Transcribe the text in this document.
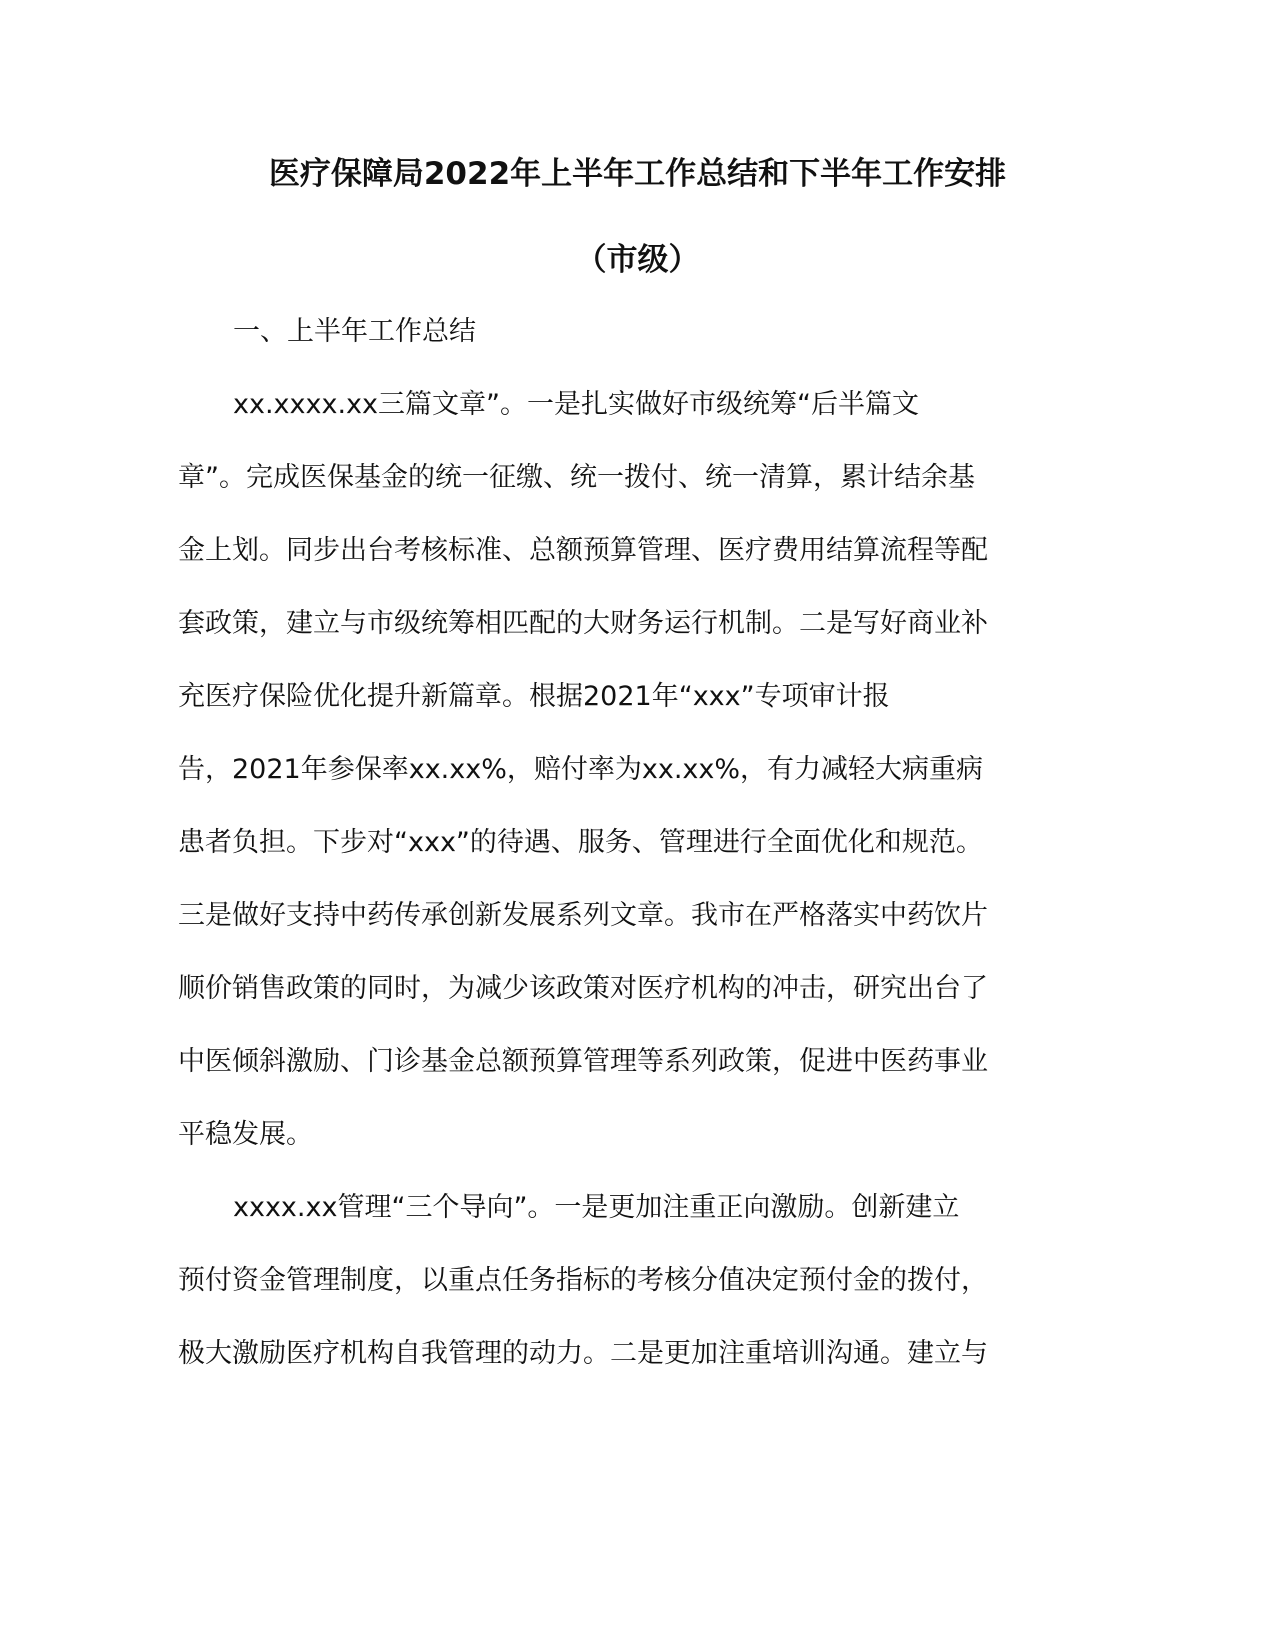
医疗保障局2022年上半年工作总结和下半年工作安排
（市级）
一、上半年工作总结
xx.xxxx.xx三篇文章”。一是扎实做好市级统筹“后半篇文
章”。完成医保基金的统一征缴、统一拨付、统一清算，累计结余基
金上划。同步出台考核标准、总额预算管理、医疗费用结算流程等配
套政策，建立与市级统筹相匹配的大财务运行机制。二是写好商业补
充医疗保险优化提升新篇章。根据2021年“xxx”专项审计报
告，2021年参保率xx.xx%，赔付率为xx.xx%，有力减轻大病重病
患者负担。下步对“xxx”的待遇、服务、管理进行全面优化和规范。
三是做好支持中药传承创新发展系列文章。我市在严格落实中药饮片
顺价销售政策的同时，为减少该政策对医疗机构的冲击，研究出台了
中医倾斜激励、门诊基金总额预算管理等系列政策，促进中医药事业
平稳发展。
xxxx.xx管理“三个导向”。一是更加注重正向激励。创新建立
预付资金管理制度，以重点任务指标的考核分值决定预付金的拨付，
极大激励医疗机构自我管理的动力。二是更加注重培训沟通。建立与
